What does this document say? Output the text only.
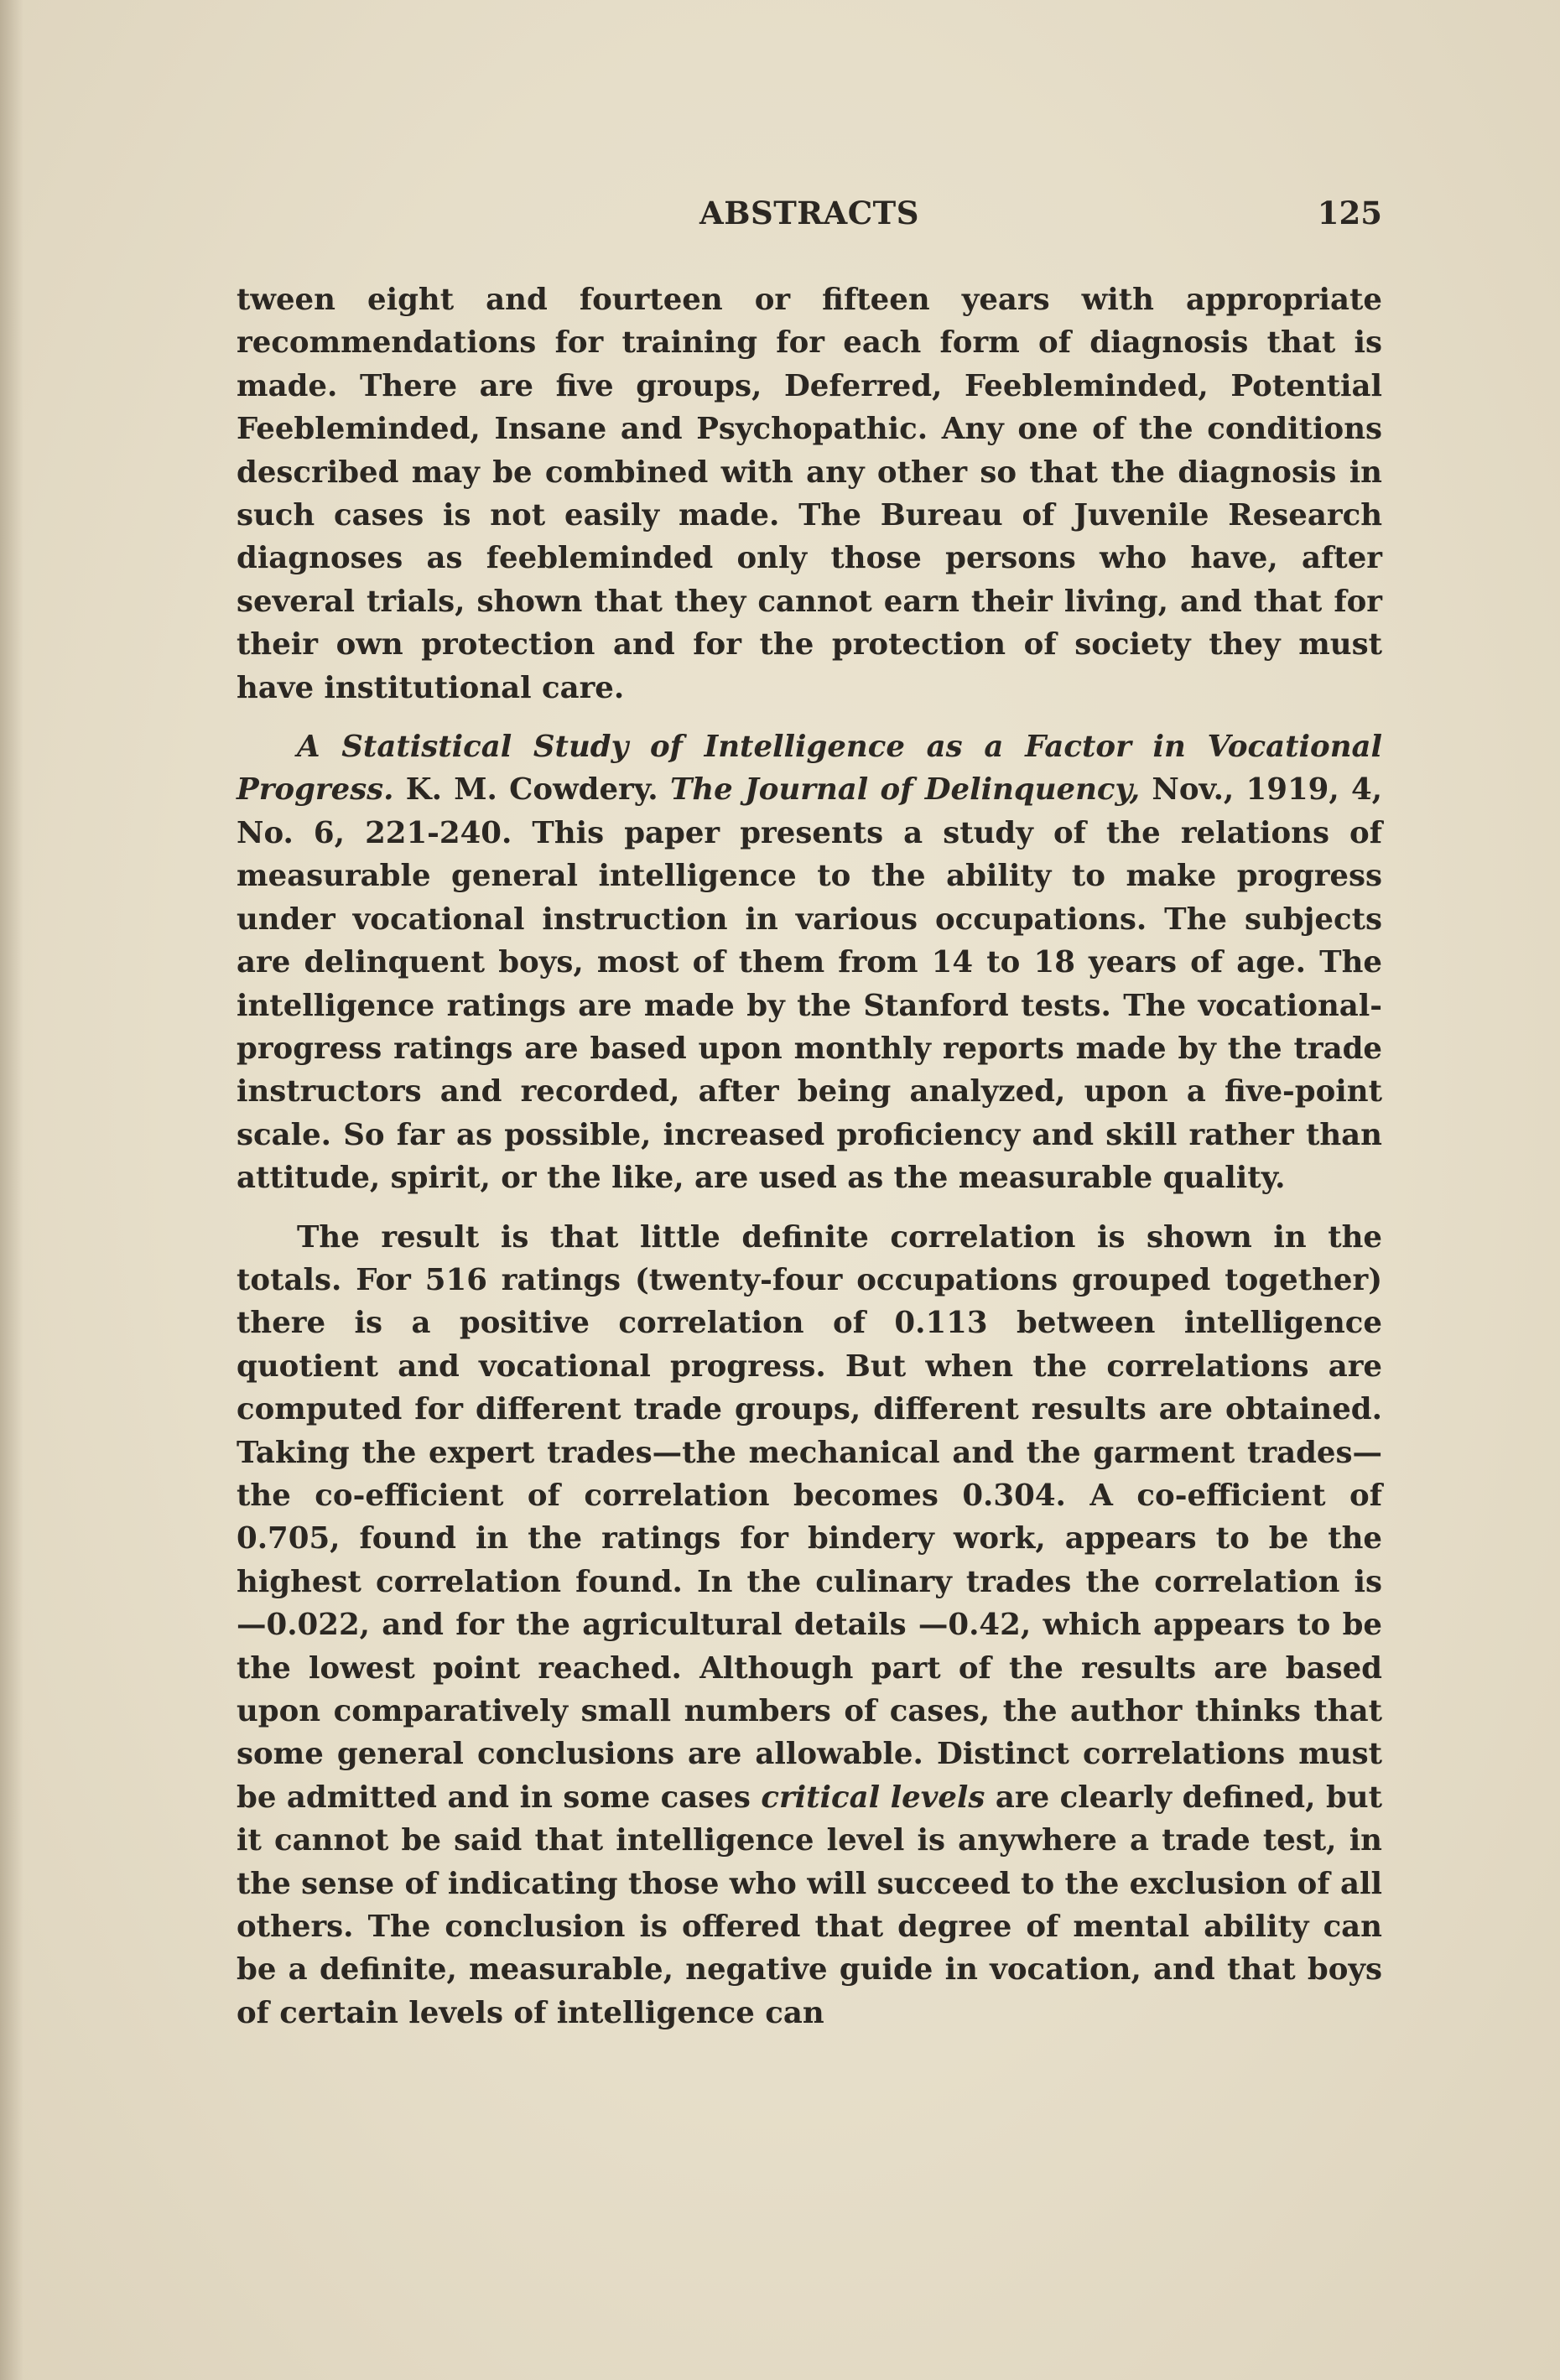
ABSTRACTS	125

tween eight and fourteen or fifteen years with appropriate recommendations for training for each form of diagnosis that is made. There are five groups, Deferred, Feebleminded, Potential Feebleminded, Insane and Psychopathic. Any one of the conditions described may be combined with any other so that the diagnosis in such cases is not easily made. The Bureau of Juvenile Research diagnoses as feebleminded only those persons who have, after several trials, shown that they cannot earn their living, and that for their own protection and for the protection of society they must have institutional care.

A Statistical Study of Intelligence as a Factor in Vocational Progress. K. M. Cowdery. The Journal of Delinquency, Nov., 1919, 4, No. 6, 221-240. This paper presents a study of the relations of measurable general intelligence to the ability to make progress under vocational instruction in various occupations. The subjects are delinquent boys, most of them from 14 to 18 years of age. The intelligence ratings are made by the Stanford tests. The vocational-progress ratings are based upon monthly reports made by the trade instructors and recorded, after being analyzed, upon a five-point scale. So far as possible, increased proficiency and skill rather than attitude, spirit, or the like, are used as the measurable quality.

The result is that little definite correlation is shown in the totals. For 516 ratings (twenty-four occupations grouped together) there is a positive correlation of 0.113 between intelligence quotient and vocational progress. But when the correlations are computed for different trade groups, different results are obtained. Taking the expert trades—the mechanical and the garment trades—the co-efficient of correlation becomes 0.304. A co-efficient of 0.705, found in the ratings for bindery work, appears to be the highest correlation found. In the culinary trades the correlation is —0.022, and for the agricultural details —0.42, which appears to be the lowest point reached. Although part of the results are based upon comparatively small numbers of cases, the author thinks that some general conclusions are allowable. Distinct correlations must be admitted and in some cases critical levels are clearly defined, but it cannot be said that intelligence level is anywhere a trade test, in the sense of indicating those who will succeed to the exclusion of all others. The conclusion is offered that degree of mental ability can be a definite, measurable, negative guide in vocation, and that boys of certain levels of intelligence can
